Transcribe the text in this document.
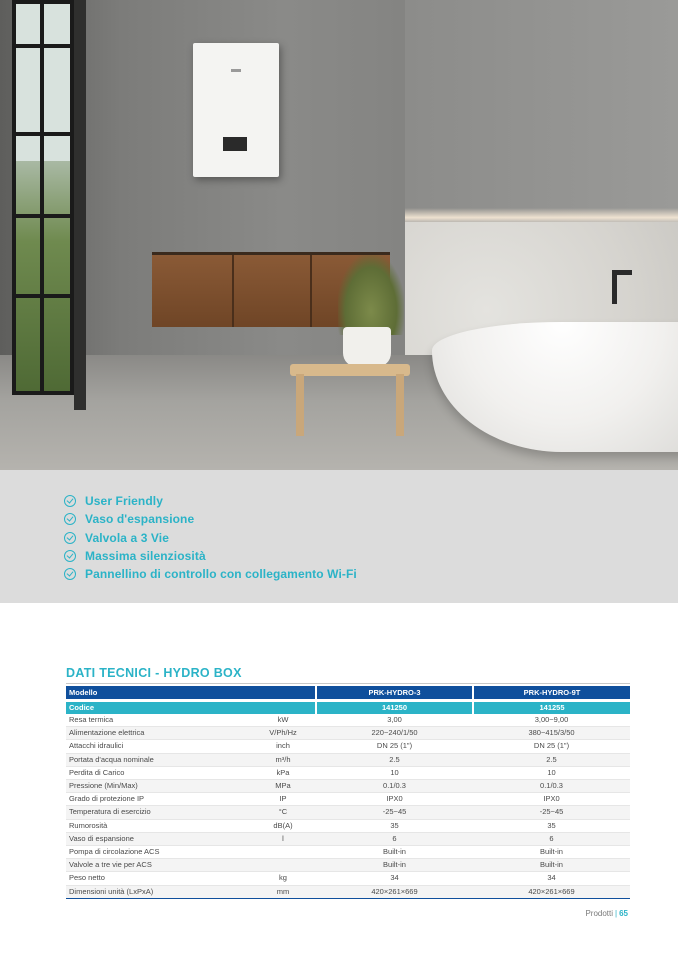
User Friendly
Vaso d'espansione
Valvola a 3 Vie
Massima silenziosità
Pannellino di controllo con collegamento Wi-Fi
DATI TECNICI - HYDRO BOX
Modello		PRK-HYDRO-3	PRK-HYDRO-9T

Codice		141250	141255
Resa termica	kW	3,00	3,00~9,00
Alimentazione elettrica	V/Ph/Hz	220~240/1/50	380~415/3/50
Attacchi idraulici	inch	DN 25 (1")	DN 25 (1")
Portata d'acqua nominale	m³/h	2.5	2.5
Perdita di Carico	kPa	10	10
Pressione (Min/Max)	MPa	0.1/0.3	0.1/0.3
Grado di protezione IP	IP	IPX0	IPX0
Temperatura di esercizio	°C	-25~45	-25~45
Rumorosità	dB(A)	35	35
Vaso di espansione	l	6	6
Pompa di circolazione ACS		Built-in	Built-in
Valvole a tre vie per ACS		Built-in	Built-in
Peso netto	kg	34	34
Dimensioni unità (LxPxA)	mm	420×261×669	420×261×669
Prodotti | 65
